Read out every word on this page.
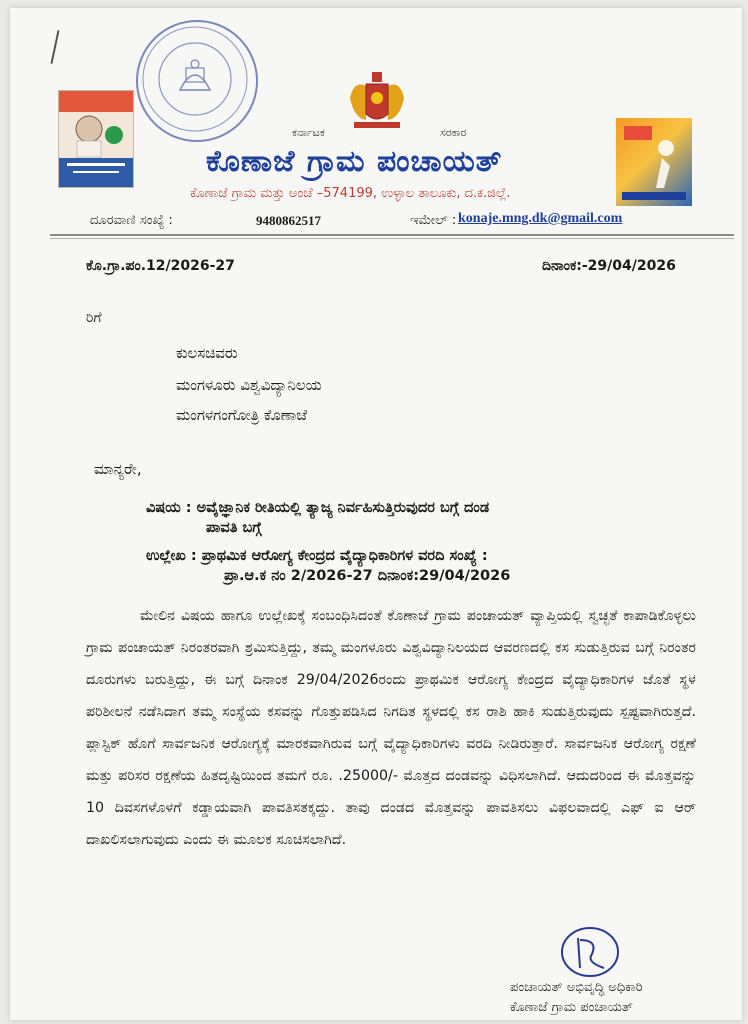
ಕರ್ನಾಟಕ	ಸರಕಾರ
ಕೊಣಾಜೆ ಗ್ರಾಮ ಪಂಚಾಯತ್
ಕೊಣಾಜೆ ಗ್ರಾಮ ಮತ್ತು ಅಂಚೆ –574199, ಉಳ್ಳಾಲ ತಾಲೂಕು, ದ.ಕ.ಜಿಲ್ಲೆ.
ದೂರವಾಣಿ ಸಂಖ್ಯೆ :	9480862517	ಇಮೇಲ್ : konaje.mng.dk@gmail.com
ಕೊ.ಗ್ರಾ.ಪಂ.12/2026-27	ದಿನಾಂಕ:-29/04/2026
ರಿಗೆ
ಕುಲಸಚಿವರು
ಮಂಗಳೂರು ವಿಶ್ವವಿದ್ಯಾನಿಲಯ
ಮಂಗಳಗಂಗೋತ್ರಿ ಕೊಣಾಜೆ
ಮಾನ್ಯರೇ,
ವಿಷಯ : ಅವೈಜ್ಞಾನಿಕ ರೀತಿಯಲ್ಲಿ ತ್ಯಾಜ್ಯ ನಿರ್ವಹಿಸುತ್ತಿರುವುದರ ಬಗ್ಗೆ ದಂಡ
ಪಾವತಿ ಬಗ್ಗೆ
ಉಲ್ಲೇಖ : ಪ್ರಾಥಮಿಕ ಆರೋಗ್ಯ ಕೇಂದ್ರದ ವೈದ್ಯಾಧಿಕಾರಿಗಳ ವರದಿ ಸಂಖ್ಯೆ :
ಪ್ರಾ.ಆ.ಕ ನಂ 2/2026-27 ದಿನಾಂಕ:29/04/2026
ಮೇಲಿನ ವಿಷಯ ಹಾಗೂ ಉಲ್ಲೇಖಕ್ಕೆ ಸಂಬಂಧಿಸಿದಂತೆ ಕೊಣಾಜೆ ಗ್ರಾಮ ಪಂಚಾಯತ್ ವ್ಯಾಪ್ತಿಯಲ್ಲಿ ಸ್ವಚ್ಛತೆ ಕಾಪಾಡಿಕೊಳ್ಳಲು ಗ್ರಾಮ ಪಂಚಾಯತ್ ನಿರಂತರವಾಗಿ ಶ್ರಮಿಸುತ್ತಿದ್ದು, ತಮ್ಮ ಮಂಗಳೂರು ವಿಶ್ವವಿದ್ಯಾನಿಲಯದ ಆವರಣದಲ್ಲಿ ಕಸ ಸುಡುತ್ತಿರುವ ಬಗ್ಗೆ ನಿರಂತರ ದೂರುಗಳು ಬರುತ್ತಿದ್ದು, ಈ ಬಗ್ಗೆ ದಿನಾಂಕ 29/04/2026ರಂದು ಪ್ರಾಥಮಿಕ ಆರೋಗ್ಯ ಕೇಂದ್ರದ ವೈದ್ಯಾಧಿಕಾರಿಗಳ ಜೊತೆ ಸ್ಥಳ ಪರಿಶೀಲನೆ ನಡೆಸಿದಾಗ ತಮ್ಮ ಸಂಸ್ಥೆಯ ಕಸವನ್ನು ಗೊತ್ತುಪಡಿಸಿದ ನಿಗದಿತ ಸ್ಥಳದಲ್ಲಿ ಕಸ ರಾಶಿ ಹಾಕಿ ಸುಡುತ್ತಿರುವುದು ಸ್ಪಷ್ಟವಾಗಿರುತ್ತದೆ. ಪ್ಲಾಸ್ಟಿಕ್ ಹೊಗೆ ಸಾರ್ವಜನಿಕ ಆರೋಗ್ಯಕ್ಕೆ ಮಾರಕವಾಗಿರುವ ಬಗ್ಗೆ ವೈದ್ಯಾಧಿಕಾರಿಗಳು ವರದಿ ನೀಡಿರುತ್ತಾರೆ. ಸಾರ್ವಜನಿಕ ಆರೋಗ್ಯ ರಕ್ಷಣೆ ಮತ್ತು ಪರಿಸರ ರಕ್ಷಣೆಯ ಹಿತದೃಷ್ಟಿಯಿಂದ ತಮಗೆ ರೂ. .25000/- ಮೊತ್ತದ ದಂಡವನ್ನು ವಿಧಿಸಲಾಗಿದೆ. ಆದುದರಿಂದ ಈ ಮೊತ್ತವನ್ನು 10 ದಿವಸಗಳೊಳಗೆ ಕಡ್ಡಾಯವಾಗಿ ಪಾವತಿಸತಕ್ಕದ್ದು. ತಾವು ದಂಡದ ಮೊತ್ತವನ್ನು ಪಾವತಿಸಲು ವಿಫಲವಾದಲ್ಲಿ ಎಫ್ ಐ ಆರ್ ದಾಖಲಿಸಲಾಗುವುದು ಎಂದು ಈ ಮೂಲಕ ಸೂಚಿಸಲಾಗಿದೆ.
ಪಂಚಾಯತ್ ಅಭಿವೃದ್ಧಿ ಅಧಿಕಾರಿ
ಕೊಣಾಜೆ ಗ್ರಾಮ ಪಂಚಾಯತ್
